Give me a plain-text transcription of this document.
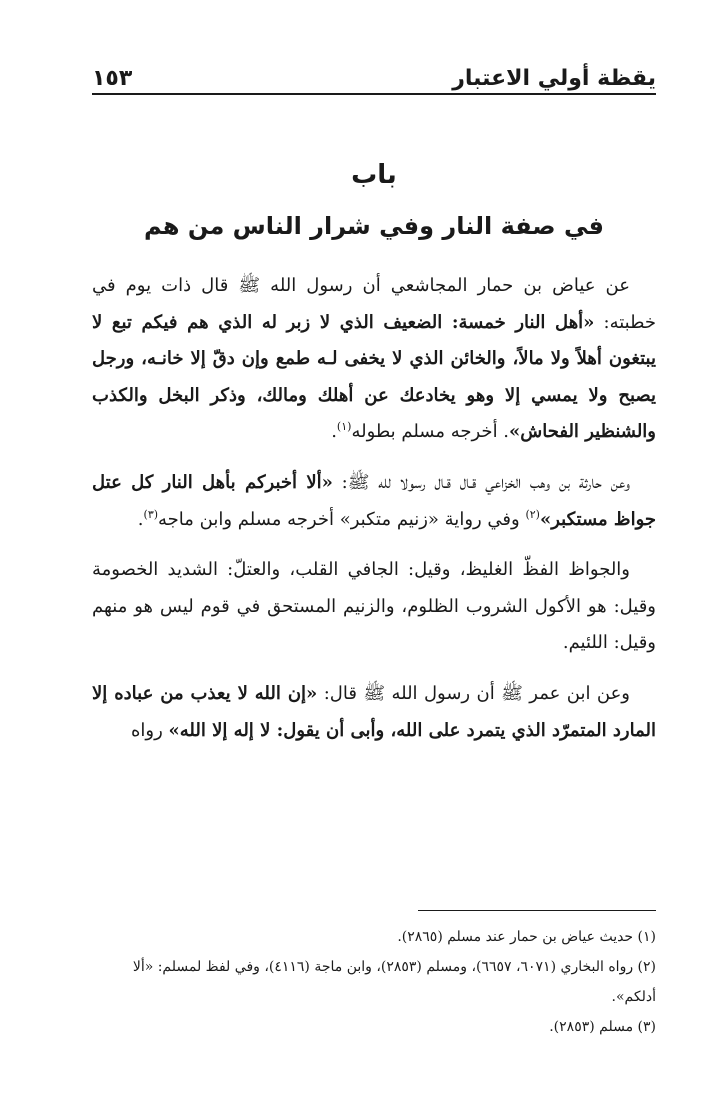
يقظة أولي الاعتبار
١٥٣
باب
في صفة النار وفي شرار الناس من هم

عن عياض بن حمار المجاشعي أن رسول الله ﷺ قال ذات يوم في خطبته: «أهل النار خمسة: الضعيف الذي لا زبر له الذي هم فيكم تبع لا يبتغون أهلاً ولا مالاً، والخائن الذي لا يخفى لـه طمع وإن دقّ إلا خانـه، ورجل يصبح ولا يمسي إلا وهو يخادعك عن أهلك ومالك، وذكر البخل والكذب والشنظير الفحاش». أخرجه مسلم بطوله$^{(١)}$.

وعن حارثة بن وهب الخزاعي قـال قـال رسولا لله ﷺ: «ألا أخبركم بأهل النار كل عتل جواظ مستكبر»$^{(٢)}$ وفي رواية «زنيم متكبر» أخرجه مسلم وابن ماجه$^{(٣)}$.

والجواظ الفظّ الغليظ، وقيل: الجافي القلب، والعتلّ: الشديد الخصومة وقيل: هو الأكول الشروب الظلوم، والزنيم المستحق في قوم ليس هو منهم وقيل: اللئيم.

وعن ابن عمر ﷺ أن رسول الله ﷺ قال: «إن الله لا يعذب من عباده إلا المارد المتمرّد الذي يتمرد على الله، وأبى أن يقول: لا إله إلا الله» رواه

(١) حديث عياض بن حمار عند مسلم (٢٨٦٥).
(٢) رواه البخاري (٦٠٧١، ٦٦٥٧)، ومسلم (٢٨٥٣)، وابن ماجة (٤١١٦)، وفي لفظ لمسلم: «ألا أدلكم».
(٣) مسلم (٢٨٥٣).
